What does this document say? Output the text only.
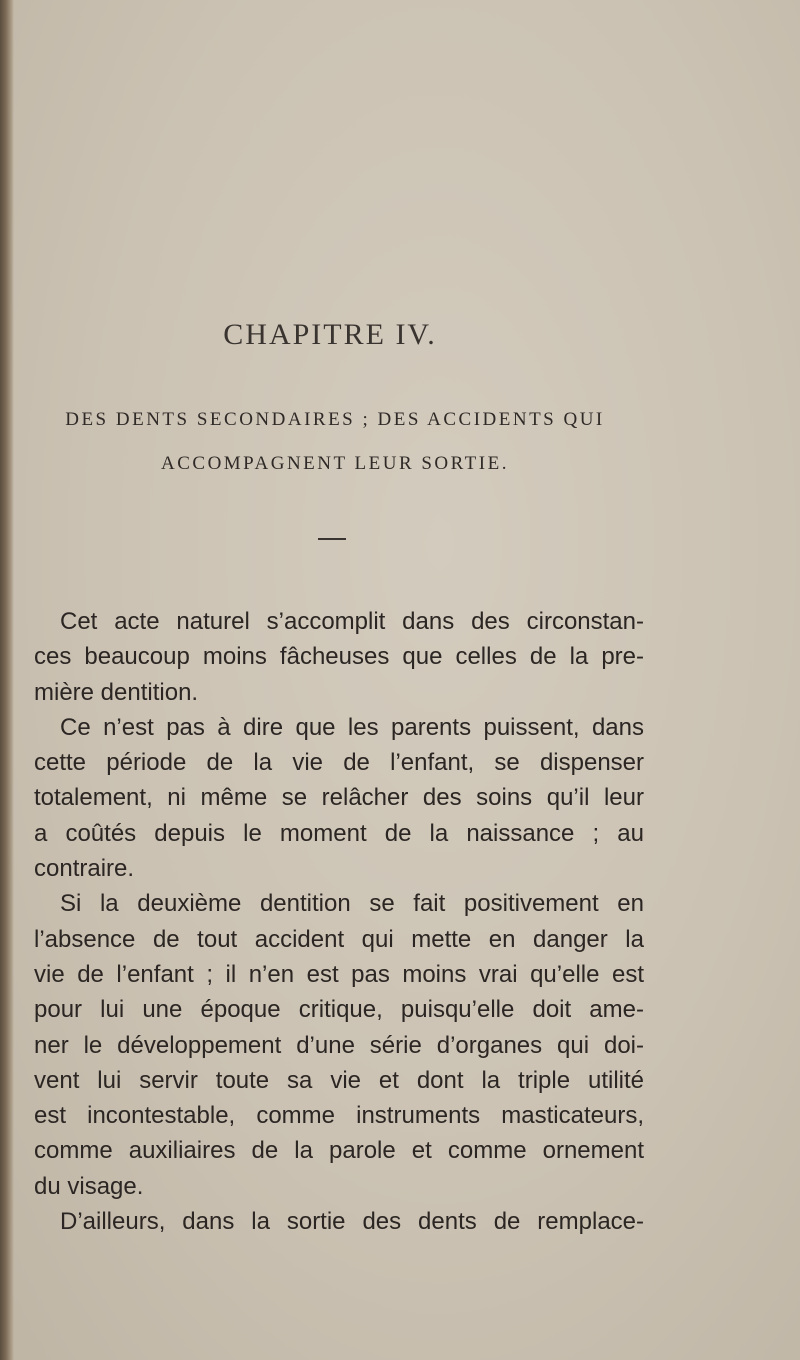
CHAPITRE IV.
DES DENTS SECONDAIRES ; DES ACCIDENTS QUI
ACCOMPAGNENT LEUR SORTIE.
Cet acte naturel s’accomplit dans des circonstan-
ces beaucoup moins fâcheuses que celles de la pre-
mière dentition.
Ce n’est pas à dire que les parents puissent, dans
cette période de la vie de l’enfant, se dispenser
totalement, ni même se relâcher des soins qu’il leur
a coûtés depuis le moment de la naissance ; au
contraire.
Si la deuxième dentition se fait positivement en
l’absence de tout accident qui mette en danger la
vie de l’enfant ; il n’en est pas moins vrai qu’elle est
pour lui une époque critique, puisqu’elle doit ame-
ner le développement d’une série d’organes qui doi-
vent lui servir toute sa vie et dont la triple utilité
est incontestable, comme instruments masticateurs,
comme auxiliaires de la parole et comme ornement
du visage.
D’ailleurs, dans la sortie des dents de remplace-
